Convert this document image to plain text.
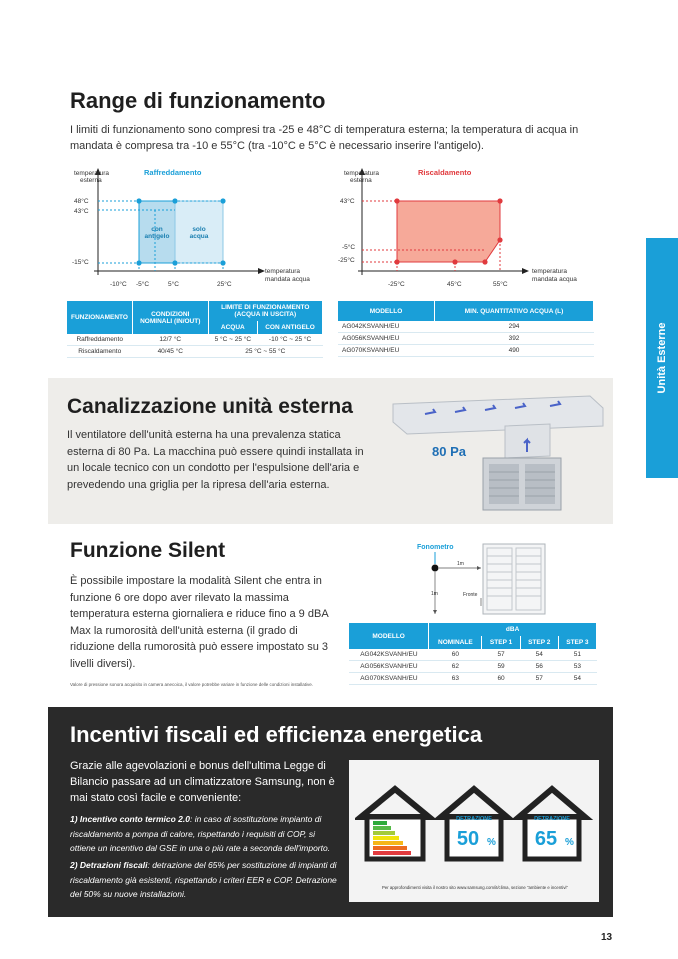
Range di funzionamento
I limiti di funzionamento sono compresi tra -25 e 48°C di temperatura esterna; la temperatura di acqua in mandata è compresa tra -10 e 55°C (tra -10°C e 5°C è necessario inserire l'antigelo).
temperatura
esterna
Raffreddamento
48°C
43°C
-15°C
-10°C -5°C	5°C	25°C
con
antigelo
solo
acqua
temperatura
mandata acqua
temperatura
esterna
Riscaldamento
43°C
-5°C
-25°C
-25°C	45°C	55°C
temperatura
mandata acqua
FUNZIONAMENTO	CONDIZIONI NOMINALI (IN/OUT)	LIMITE DI FUNZIONAMENTO (ACQUA IN USCITA)	
		ACQUA	CON ANTIGELO
Raffreddamento	12/7 °C	5 °C ~ 25 °C	-10 °C ~ 25 °C
Riscaldamento	40/45 °C	25 °C ~ 55 °C	
MODELLO	MIN. QUANTITATIVO ACQUA (L)
AG042KSVANH/EU	294
AG056KSVANH/EU	392
AG070KSVANH/EU	490
Canalizzazione unità esterna
Il ventilatore dell'unità esterna ha una prevalenza statica esterna di 80 Pa. La macchina può essere quindi installata in un locale tecnico con un condotto per l'espulsione dell'aria e prevedendo una griglia per la ripresa dell'aria esterna.
80 Pa
Funzione Silent
È possibile impostare la modalità Silent che entra in funzione 6 ore dopo aver rilevato la massima temperatura esterna giornaliera e riduce fino a 9 dBA Max la rumorosità dell'unità esterna (il grado di riduzione della rumorosità può essere impostato su 3 livelli diversi).
Valore di pressione sonora acquisito in camera anecoica, il valore potrebbe variare in funzione delle condizioni installative.
Fonometro
1m
1m	Fronte
MODELLO	dBA			
	NOMINALE	STEP 1	STEP 2	STEP 3
AG042KSVANH/EU	60	57	54	51
AG056KSVANH/EU	62	59	56	53
AG070KSVANH/EU	63	60	57	54
Incentivi fiscali ed efficienza energetica
Grazie alle agevolazioni e bonus dell'ultima Legge di Bilancio passare ad un climatizzatore Samsung, non è mai stato così facile e conveniente:
1) Incentivo conto termico 2.0: in caso di sostituzione impianto di riscaldamento a pompa di calore, rispettando i requisiti di COP, si ottiene un incentivo dal GSE in una o più rate a seconda dell'importo.
2) Detrazioni fiscali: detrazione del 65% per sostituzione di impianti di riscaldamento già esistenti, rispettando i criteri EER e COP. Detrazione del 50% su nuove installazioni.
DETRAZIONE
50 %
DETRAZIONE
65 %
Per approfondimenti visita il nostro sito www.samsung.com/it/clima, sezione "ambiente e incentivi"
Unità Esterne
13
